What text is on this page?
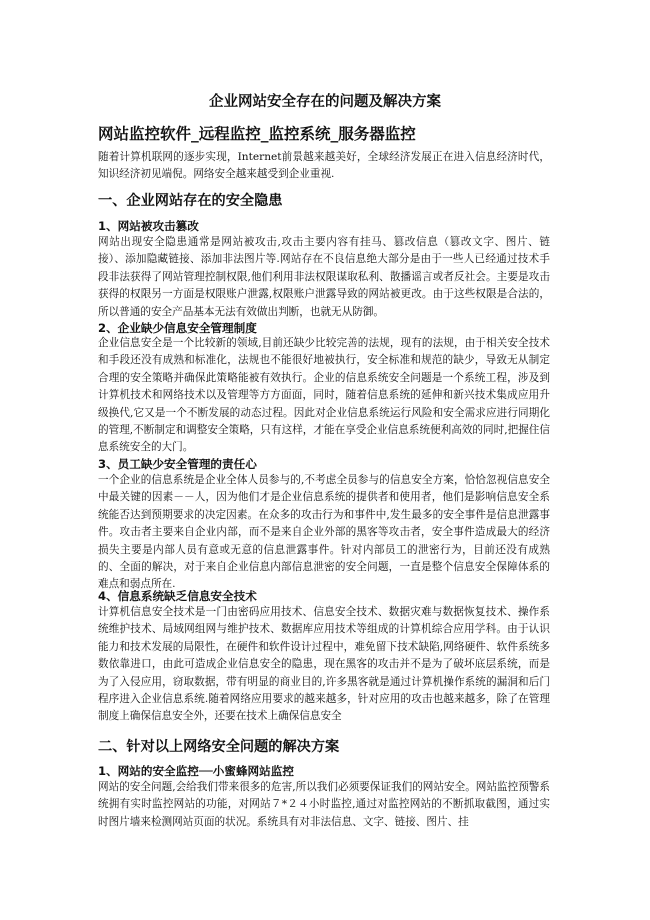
企业网站安全存在的问题及解决方案
网站监控软件_远程监控_监控系统_服务器监控

随着计算机联网的逐步实现，Internet前景越来越美好，全球经济发展正在进入信息经济时代，知识经济初见端倪。网络安全越来越受到企业重视.

一、企业网站存在的安全隐患

1、网站被攻击篡改

网站出现安全隐患通常是网站被攻击,攻击主要内容有挂马、篡改信息（篡改文字、图片、链接）、添加隐藏链接、添加非法图片等.网站存在不良信息绝大部分是由于一些人已经通过技术手段非法获得了网站管理控制权限,他们利用非法权限谋取私利、散播谣言或者反社会。主要是攻击获得的权限另一方面是权限账户泄露,权限账户泄露导致的网站被更改。由于这些权限是合法的，所以普通的安全产品基本无法有效做出判断，也就无从防御。

2、企业缺少信息安全管理制度

企业信息安全是一个比较新的领域,目前还缺少比较完善的法规，现有的法规，由于相关安全技术和手段还没有成熟和标准化，法规也不能很好地被执行，安全标准和规范的缺少，导致无从制定合理的安全策略并确保此策略能被有效执行。企业的信息系统安全问题是一个系统工程，涉及到计算机技术和网络技术以及管理等方方面面，同时，随着信息系统的延伸和新兴技术集成应用升级换代,它又是一个不断发展的动态过程。因此对企业信息系统运行风险和安全需求应进行同期化的管理,不断制定和调整安全策略，只有这样，才能在享受企业信息系统便利高效的同时,把握住信息系统安全的大门。

3、员工缺少安全管理的责任心

一个企业的信息系统是企业全体人员参与的,不考虑全员参与的信息安全方案，恰恰忽视信息安全中最关键的因素－－人，因为他们才是企业信息系统的提供者和使用者，他们是影响信息安全系统能否达到预期要求的决定因素。在众多的攻击行为和事件中,发生最多的安全事件是信息泄露事件。攻击者主要来自企业内部，而不是来自企业外部的黑客等攻击者，安全事件造成最大的经济损失主要是内部人员有意或无意的信息泄露事件。针对内部员工的泄密行为，目前还没有成熟的、全面的解决，对于来自企业信息内部信息泄密的安全问题，一直是整个信息安全保障体系的难点和弱点所在.

4、信息系统缺乏信息安全技术

计算机信息安全技术是一门由密码应用技术、信息安全技术、数据灾难与数据恢复技术、操作系统维护技术、局域网组网与维护技术、数据库应用技术等组成的计算机综合应用学科。由于认识能力和技术发展的局限性，在硬件和软件设计过程中，难免留下技术缺陷,网络硬件、软件系统多数依靠进口，由此可造成企业信息安全的隐患，现在黑客的攻击并不是为了破坏底层系统，而是为了入侵应用，窃取数据，带有明显的商业目的,许多黑客就是通过计算机操作系统的漏洞和后门程序进入企业信息系统.随着网络应用要求的越来越多，针对应用的攻击也越来越多，除了在管理制度上确保信息安全外，还要在技术上确保信息安全

二、针对以上网络安全问题的解决方案

1、网站的安全监控──小蜜蜂网站监控

网站的安全问题,会给我们带来很多的危害,所以我们必须要保证我们的网站安全。网站监控预警系统拥有实时监控网站的功能，对网站７*２４小时监控,通过对监控网站的不断抓取截图，通过实时图片墙来检测网站页面的状况。系统具有对非法信息、文字、链接、图片、挂
